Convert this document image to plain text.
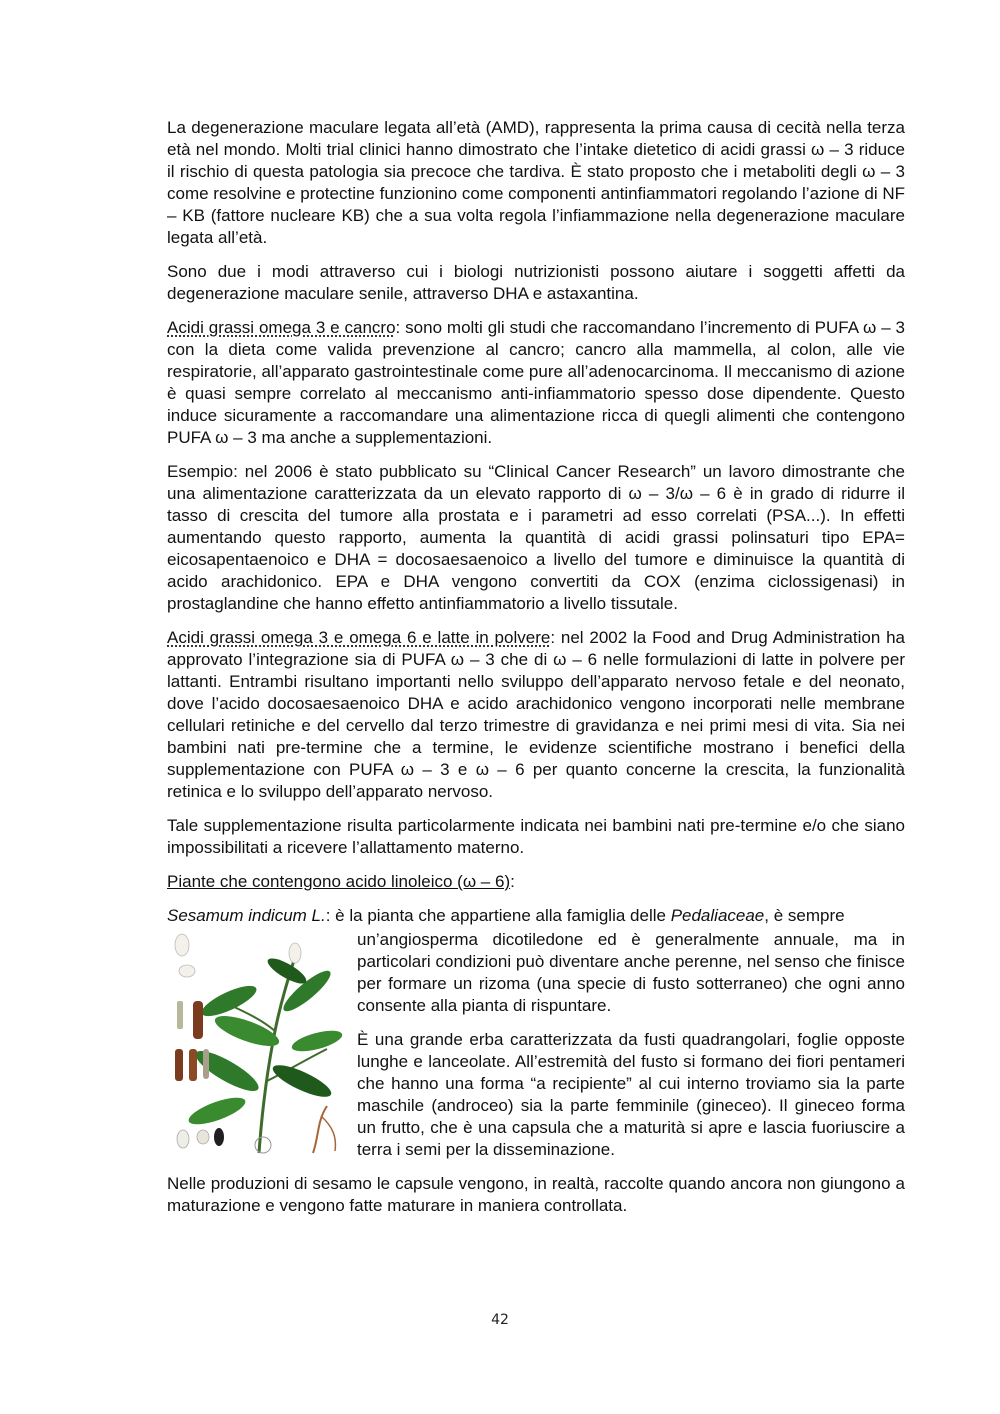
La degenerazione maculare legata all’età (AMD), rappresenta la prima causa di cecità nella terza età nel mondo. Molti trial clinici hanno dimostrato che l’intake dietetico di acidi grassi ω – 3 riduce il rischio di questa patologia sia precoce che tardiva. È stato proposto che i metaboliti degli ω – 3 come resolvine e protectine funzionino come componenti antinfiammatori regolando l’azione di NF – KB (fattore nucleare KB) che a sua volta regola l’infiammazione nella degenerazione maculare legata all’età.

Sono due i modi attraverso cui i biologi nutrizionisti possono aiutare i soggetti affetti da degenerazione maculare senile, attraverso DHA e astaxantina.

Acidi grassi omega 3 e cancro: sono molti gli studi che raccomandano l’incremento di PUFA ω – 3 con la dieta come valida prevenzione al cancro; cancro alla mammella, al colon, alle vie respiratorie, all’apparato gastrointestinale come pure all’adenocarcinoma. Il meccanismo di azione è quasi sempre correlato al meccanismo anti-infiammatorio spesso dose dipendente. Questo induce sicuramente a raccomandare una alimentazione ricca di quegli alimenti che contengono PUFA ω – 3 ma anche a supplementazioni.

Esempio: nel 2006 è stato pubblicato su “Clinical Cancer Research” un lavoro dimostrante che una alimentazione caratterizzata da un elevato rapporto di ω – 3/ω – 6 è in grado di ridurre il tasso di crescita del tumore alla prostata e i parametri ad esso correlati (PSA...). In effetti aumentando questo rapporto, aumenta la quantità di acidi grassi polinsaturi tipo EPA= eicosapentaenoico e DHA = docosaesaenoico a livello del tumore e diminuisce la quantità di acido arachidonico. EPA e DHA vengono convertiti da COX (enzima ciclossigenasi) in prostaglandine che hanno effetto antinfiammatorio a livello tissutale.

Acidi grassi omega 3 e omega 6 e latte in polvere: nel 2002 la Food and Drug Administration ha approvato l’integrazione sia di PUFA ω – 3 che di ω – 6 nelle formulazioni di latte in polvere per lattanti. Entrambi risultano importanti nello sviluppo dell’apparato nervoso fetale e del neonato, dove l’acido docosaesaenoico DHA e acido arachidonico vengono incorporati nelle membrane cellulari retiniche e del cervello dal terzo trimestre di gravidanza e nei primi mesi di vita. Sia nei bambini nati pre-termine che a termine, le evidenze scientifiche mostrano i benefici della supplementazione con PUFA ω – 3 e ω – 6 per quanto concerne la crescita, la funzionalità retinica e lo sviluppo dell’apparato nervoso.

Tale supplementazione risulta particolarmente indicata nei bambini nati pre-termine e/o che siano impossibilitati a ricevere l’allattamento materno.

Piante che contengono acido linoleico (ω – 6):

Sesamum indicum L.: è la pianta che appartiene alla famiglia delle Pedaliaceae, è sempre

un’angiosperma dicotiledone ed è generalmente annuale, ma in particolari condizioni può diventare anche perenne, nel senso che finisce per formare un rizoma (una specie di fusto sotterraneo) che ogni anno consente alla pianta di rispuntare.

È una grande erba caratterizzata da fusti quadrangolari, foglie opposte lunghe e lanceolate. All’estremità del fusto si formano dei fiori pentameri che hanno una forma “a recipiente” al cui interno troviamo sia la parte maschile (androceo) sia la parte femminile (gineceo). Il gineceo forma un frutto, che è una capsula che a maturità si apre e lascia fuoriuscire a terra i semi per la disseminazione.

Nelle produzioni di sesamo le capsule vengono, in realtà, raccolte quando ancora non giungono a maturazione e vengono fatte maturare in maniera controllata.

42
